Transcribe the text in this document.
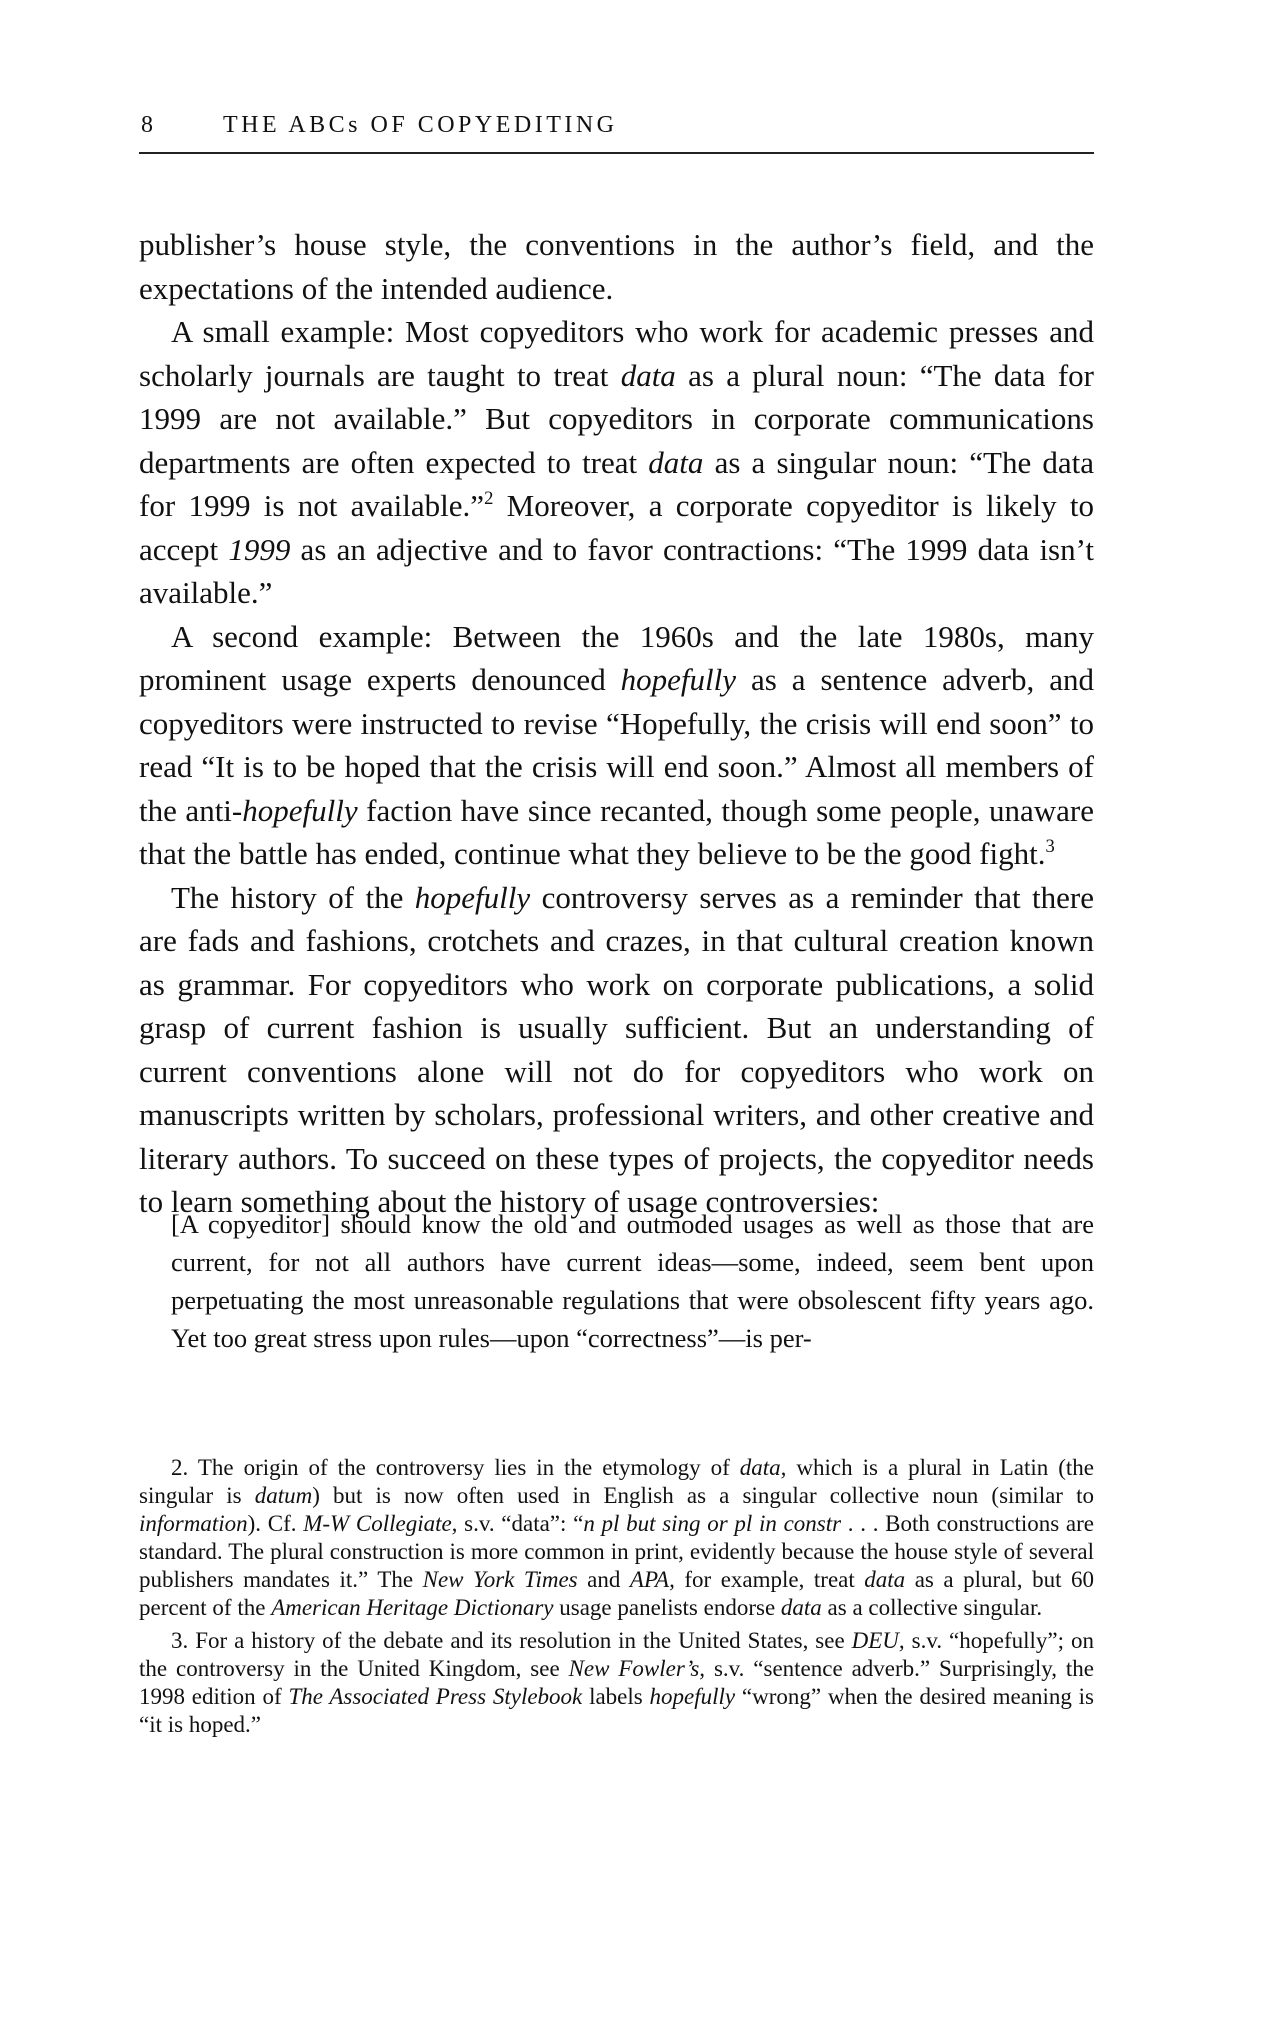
8	THE ABCs OF COPYEDITING

publisher’s house style, the conventions in the author’s field, and the expectations of the intended audience.

A small example: Most copyeditors who work for academic presses and scholarly journals are taught to treat data as a plural noun: “The data for 1999 are not available.” But copyeditors in corporate communications departments are often expected to treat data as a singular noun: “The data for 1999 is not available.”$^2$ Moreover, a corporate copyeditor is likely to accept 1999 as an adjective and to favor contractions: “The 1999 data isn’t available.”

A second example: Between the 1960s and the late 1980s, many prominent usage experts denounced hopefully as a sentence adverb, and copyeditors were instructed to revise “Hopefully, the crisis will end soon” to read “It is to be hoped that the crisis will end soon.” Almost all members of the anti-hopefully faction have since recanted, though some people, unaware that the battle has ended, continue what they believe to be the good fight.$^3$

The history of the hopefully controversy serves as a reminder that there are fads and fashions, crotchets and crazes, in that cultural creation known as grammar. For copyeditors who work on corporate publications, a solid grasp of current fashion is usually sufficient. But an understanding of current conventions alone will not do for copyeditors who work on manuscripts written by scholars, professional writers, and other creative and literary authors. To succeed on these types of projects, the copyeditor needs to learn something about the history of usage controversies:

[A copyeditor] should know the old and outmoded usages as well as those that are current, for not all authors have current ideas—some, indeed, seem bent upon perpetuating the most unreasonable regulations that were obsolescent fifty years ago. Yet too great stress upon rules—upon “correctness”—is per-

2. The origin of the controversy lies in the etymology of data, which is a plural in Latin (the singular is datum) but is now often used in English as a singular collective noun (similar to information). Cf. M-W Collegiate, s.v. “data”: “n pl but sing or pl in constr . . . Both constructions are standard. The plural construction is more common in print, evidently because the house style of several publishers mandates it.” The New York Times and APA, for example, treat data as a plural, but 60 percent of the American Heritage Dictionary usage panelists endorse data as a collective singular.

3. For a history of the debate and its resolution in the United States, see DEU, s.v. “hopefully”; on the controversy in the United Kingdom, see New Fowler’s, s.v. “sentence adverb.” Surprisingly, the 1998 edition of The Associated Press Stylebook labels hopefully “wrong” when the desired meaning is “it is hoped.”
